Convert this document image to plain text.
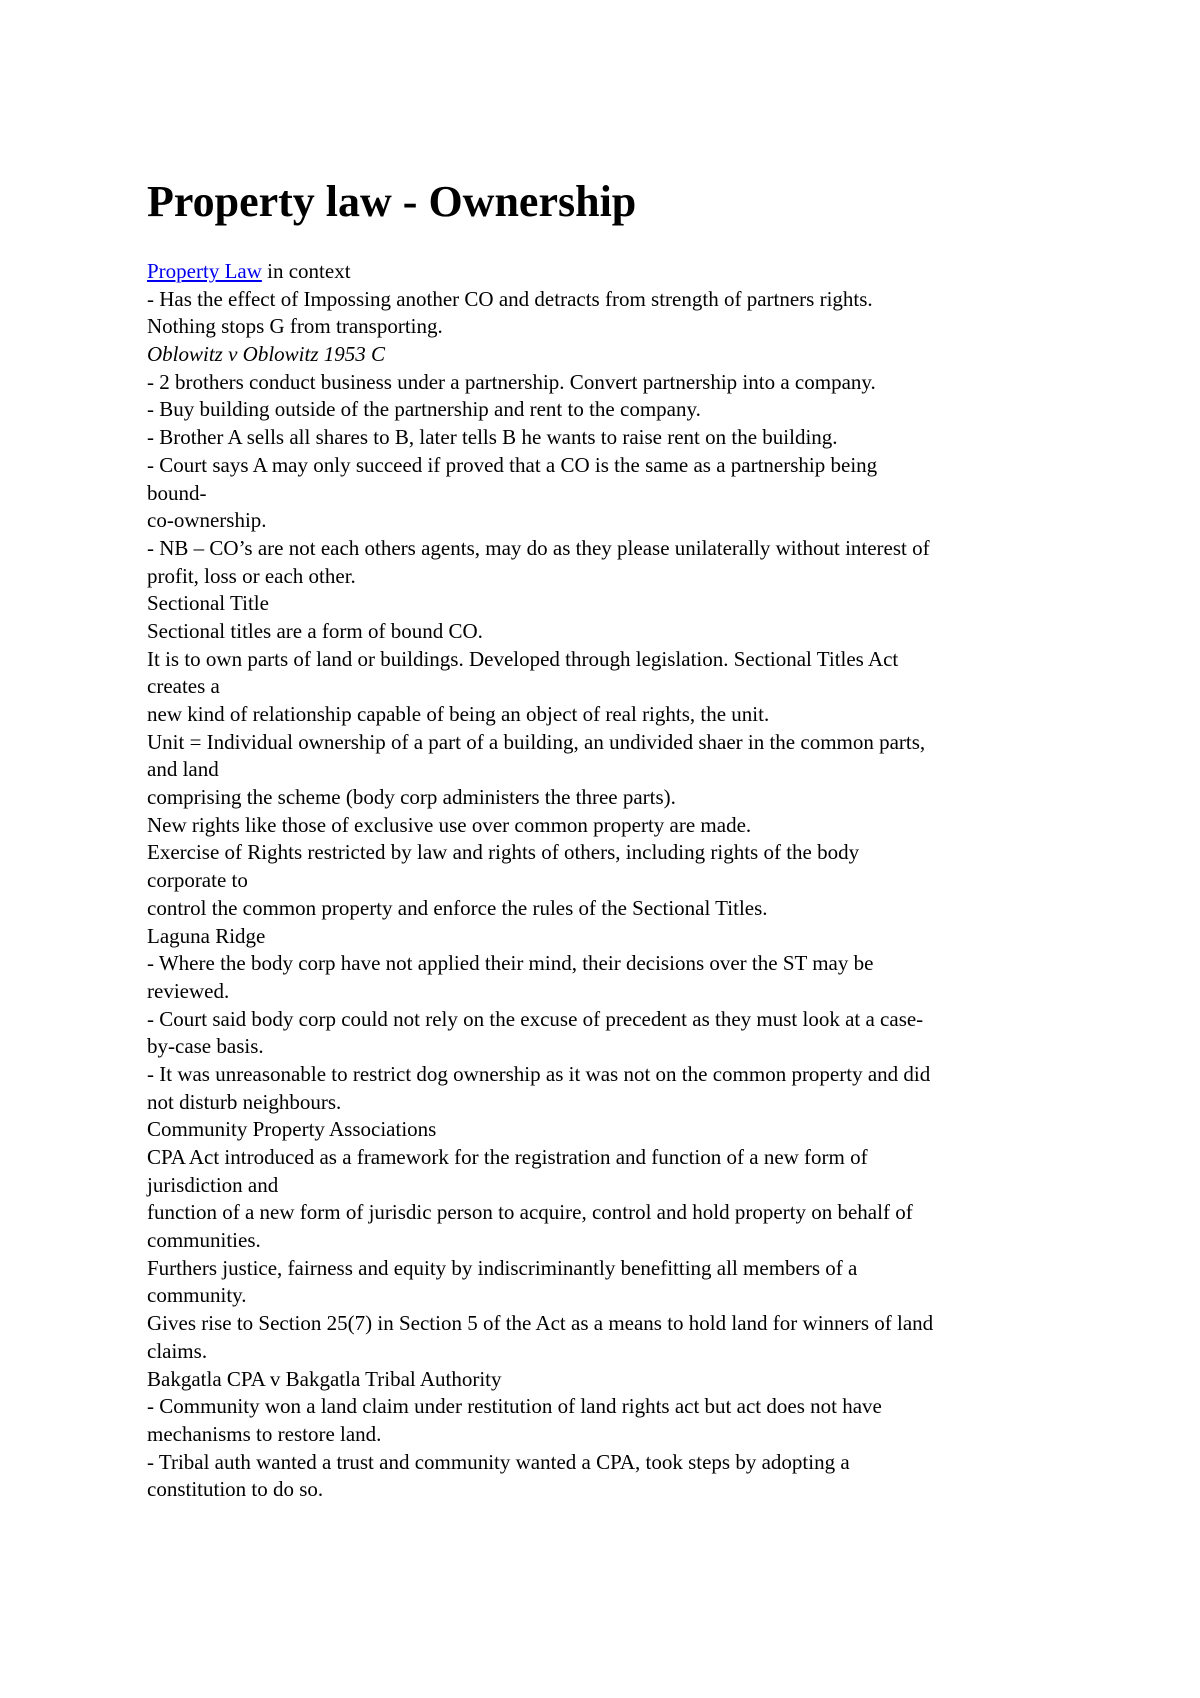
Property law - Ownership
Property Law in context
- Has the effect of Impossing another CO and detracts from strength of partners rights.
Nothing stops G from transporting.
Oblowitz v Oblowitz 1953 C
- 2 brothers conduct business under a partnership. Convert partnership into a company.
- Buy building outside of the partnership and rent to the company.
- Brother A sells all shares to B, later tells B he wants to raise rent on the building.
- Court says A may only succeed if proved that a CO is the same as a partnership being
bound-
co-ownership.
- NB – CO’s are not each others agents, may do as they please unilaterally without interest of
profit, loss or each other.
Sectional Title
Sectional titles are a form of bound CO.
It is to own parts of land or buildings. Developed through legislation. Sectional Titles Act
creates a
new kind of relationship capable of being an object of real rights, the unit.
Unit = Individual ownership of a part of a building, an undivided shaer in the common parts,
and land
comprising the scheme (body corp administers the three parts).
New rights like those of exclusive use over common property are made.
Exercise of Rights restricted by law and rights of others, including rights of the body
corporate to
control the common property and enforce the rules of the Sectional Titles.
Laguna Ridge
- Where the body corp have not applied their mind, their decisions over the ST may be
reviewed.
- Court said body corp could not rely on the excuse of precedent as they must look at a case-
by-case basis.
- It was unreasonable to restrict dog ownership as it was not on the common property and did
not disturb neighbours.
Community Property Associations
CPA Act introduced as a framework for the registration and function of a new form of
jurisdiction and
function of a new form of jurisdic person to acquire, control and hold property on behalf of
communities.
Furthers justice, fairness and equity by indiscriminantly benefitting all members of a
community.
Gives rise to Section 25(7) in Section 5 of the Act as a means to hold land for winners of land
claims.
Bakgatla CPA v Bakgatla Tribal Authority
- Community won a land claim under restitution of land rights act but act does not have
mechanisms to restore land.
- Tribal auth wanted a trust and community wanted a CPA, took steps by adopting a
constitution to do so.
